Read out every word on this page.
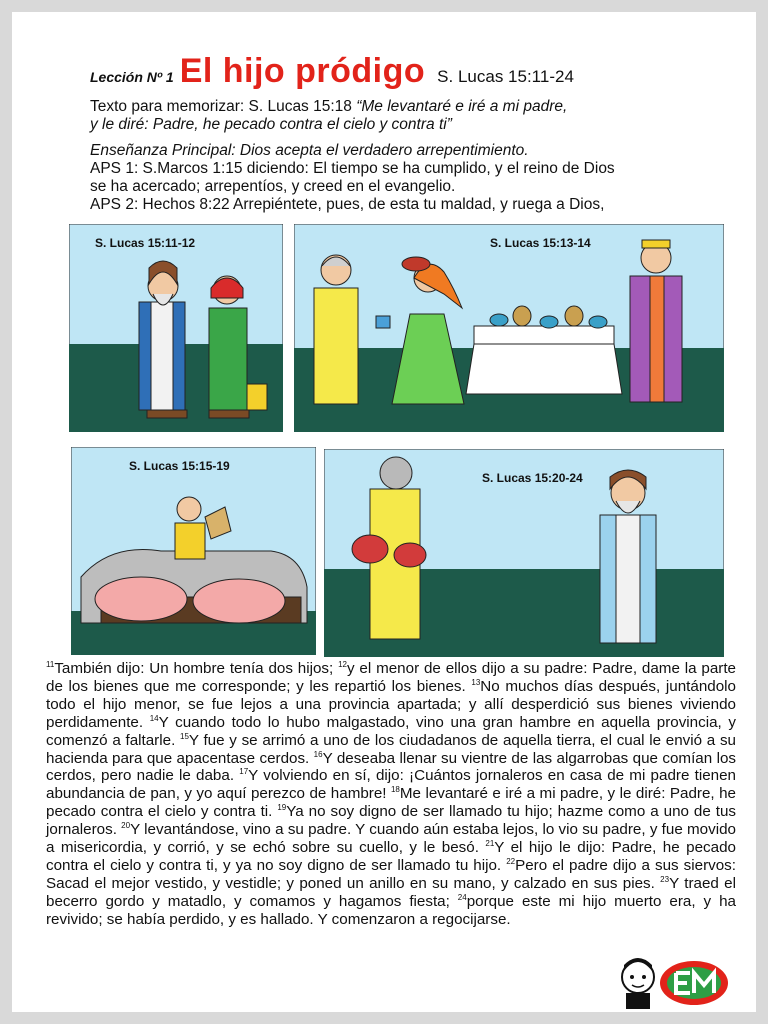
Lección Nº 1 El hijo pródigo S. Lucas 15:11-24
Texto para memorizar: S. Lucas 15:18 “Me levantaré e iré a mi padre,
y le diré: Padre, he pecado contra el cielo y contra ti”
Enseñanza Principal: Dios acepta el verdadero arrepentimiento.
APS 1: S.Marcos 1:15 diciendo: El tiempo se ha cumplido, y el reino de Dios
se ha acercado; arrepentíos, y creed en el evangelio.
APS 2: Hechos 8:22 Arrepiéntete, pues, de esta tu maldad, y ruega a Dios,
S. Lucas 15:11-12	S. Lucas 15:13-14
S. Lucas 15:15-19
S. Lucas 15:20-24
$^{11}$También dijo: Un hombre tenía dos hijos; $^{12}$y el menor de ellos dijo a su padre: Padre, dame la parte de los bienes que me corresponde; y les repartió los bienes. $^{13}$No muchos días después, juntándolo todo el hijo menor, se fue lejos a una provincia apartada; y allí desperdició sus bienes viviendo perdidamente. $^{14}$Y cuando todo lo hubo malgastado, vino una gran hambre en aquella provincia, y comenzó a faltarle. $^{15}$Y fue y se arrimó a uno de los ciudadanos de aquella tierra, el cual le envió a su hacienda para que apacentase cerdos. $^{16}$Y deseaba llenar su vientre de las algarrobas que comían los cerdos, pero nadie le daba. $^{17}$Y volviendo en sí, dijo: ¡Cuántos jornaleros en casa de mi padre tienen abundancia de pan, y yo aquí perezco de hambre! $^{18}$Me levantaré e iré a mi padre, y le diré: Padre, he pecado contra el cielo y contra ti. $^{19}$Ya no soy digno de ser llamado tu hijo; hazme como a uno de tus jornaleros. $^{20}$Y levantándose, vino a su padre. Y cuando aún estaba lejos, lo vio su padre, y fue movido a misericordia, y corrió, y se echó sobre su cuello, y le besó. $^{21}$Y el hijo le dijo: Padre, he pecado contra el cielo y contra ti, y ya no soy digno de ser llamado tu hijo. $^{22}$Pero el padre dijo a sus siervos: Sacad el mejor vestido, y vestidle; y poned un anillo en su mano, y calzado en sus pies. $^{23}$Y traed el becerro gordo y matadlo, y comamos y hagamos fiesta; $^{24}$porque este mi hijo muerto era, y ha revivido; se había perdido, y es hallado. Y comenzaron a regocijarse.
